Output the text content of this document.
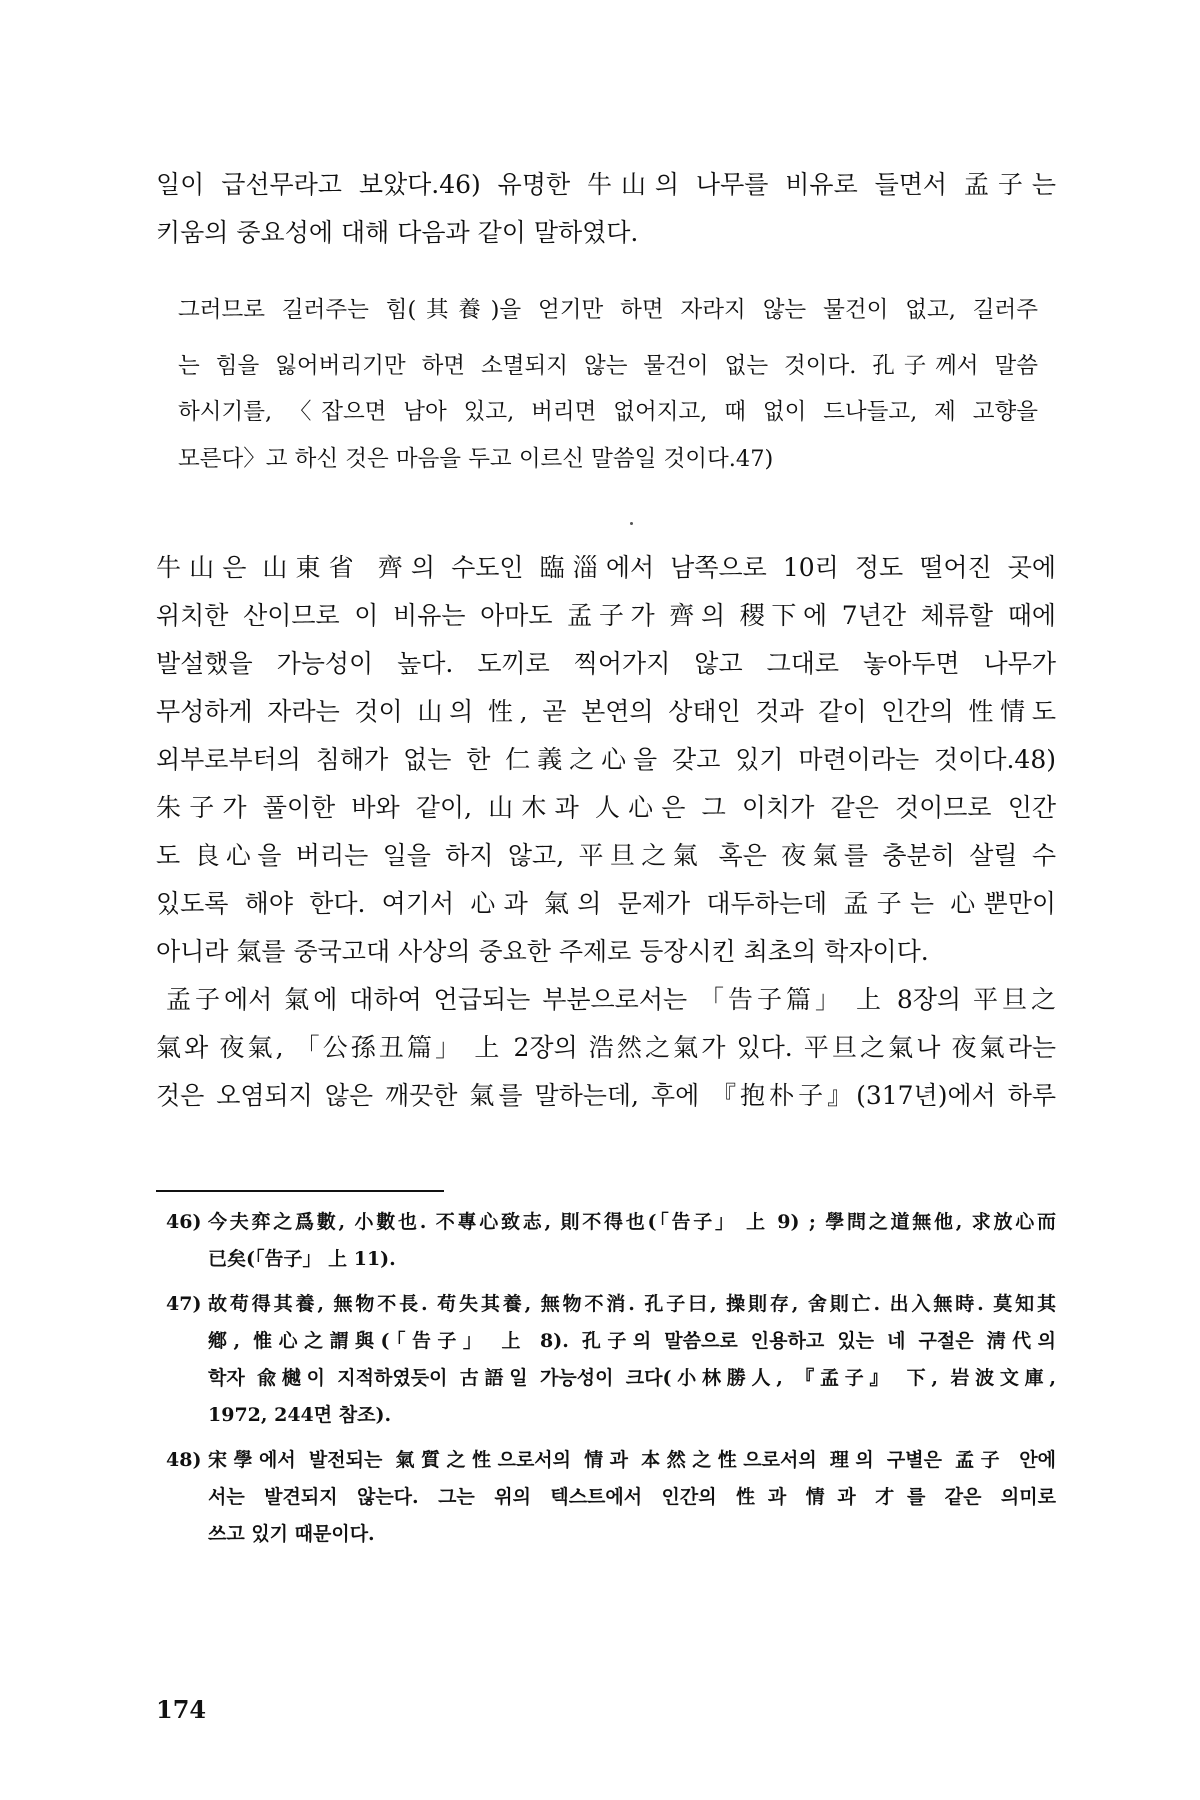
일이 급선무라고 보았다.46) 유명한 牛山의 나무를 비유로 들면서 孟子는
키움의 중요성에 대해 다음과 같이 말하였다.
그러므로 길러주는 힘(其養)을 얻기만 하면 자라지 않는 물건이 없고, 길러주
는 힘을 잃어버리기만 하면 소멸되지 않는 물건이 없는 것이다. 孔子께서 말씀
하시기를, 〈잡으면 남아 있고, 버리면 없어지고, 때 없이 드나들고, 제 고향을
모른다〉고 하신 것은 마음을 두고 이르신 말씀일 것이다.47)
牛山은 山東省 齊의 수도인 臨淄에서 남쪽으로 10리 정도 떨어진 곳에
위치한 산이므로 이 비유는 아마도 孟子가 齊의 稷下에 7년간 체류할 때에
발설했을 가능성이 높다. 도끼로 찍어가지 않고 그대로 놓아두면 나무가
무성하게 자라는 것이 山의 性, 곧 본연의 상태인 것과 같이 인간의 性情도
외부로부터의 침해가 없는 한 仁義之心을 갖고 있기 마련이라는 것이다.48)
朱子가 풀이한 바와 같이, 山木과 人心은 그 이치가 같은 것이므로 인간
도 良心을 버리는 일을 하지 않고, 平旦之氣 혹은 夜氣를 충분히 살릴 수
있도록 해야 한다. 여기서 心과 氣의 문제가 대두하는데 孟子는 心뿐만이
아니라 氣를 중국고대 사상의 중요한 주제로 등장시킨 최초의 학자이다.
孟子에서 氣에 대하여 언급되는 부분으로서는 「告子篇」 上 8장의 平旦之
氣와 夜氣, 「公孫丑篇」 上 2장의 浩然之氣가 있다. 平旦之氣나 夜氣라는
것은 오염되지 않은 깨끗한 氣를 말하는데, 후에 『抱朴子』(317년)에서 하루
46) 今夫弈之爲數, 小數也. 不專心致志, 則不得也(「告子」 上 9) ; 學問之道無他, 求放心而
已矣(「告子」 上 11).
47) 故苟得其養, 無物不長. 苟失其養, 無物不消. 孔子曰, 操則存, 舍則亡. 出入無時. 莫知其
鄕, 惟心之謂與(「告子」 上 8). 孔子의 말씀으로 인용하고 있는 네 구절은 淸代의
학자 兪樾이 지적하였듯이 古語일 가능성이 크다(小林勝人, 『孟子』 下, 岩波文庫,
1972, 244면 참조).
48) 宋學에서 발전되는 氣質之性으로서의 情과 本然之性으로서의 理의 구별은 孟子 안에
서는 발견되지 않는다. 그는 위의 텍스트에서 인간의 性과 情과 才를 같은 의미로
쓰고 있기 때문이다.
174
